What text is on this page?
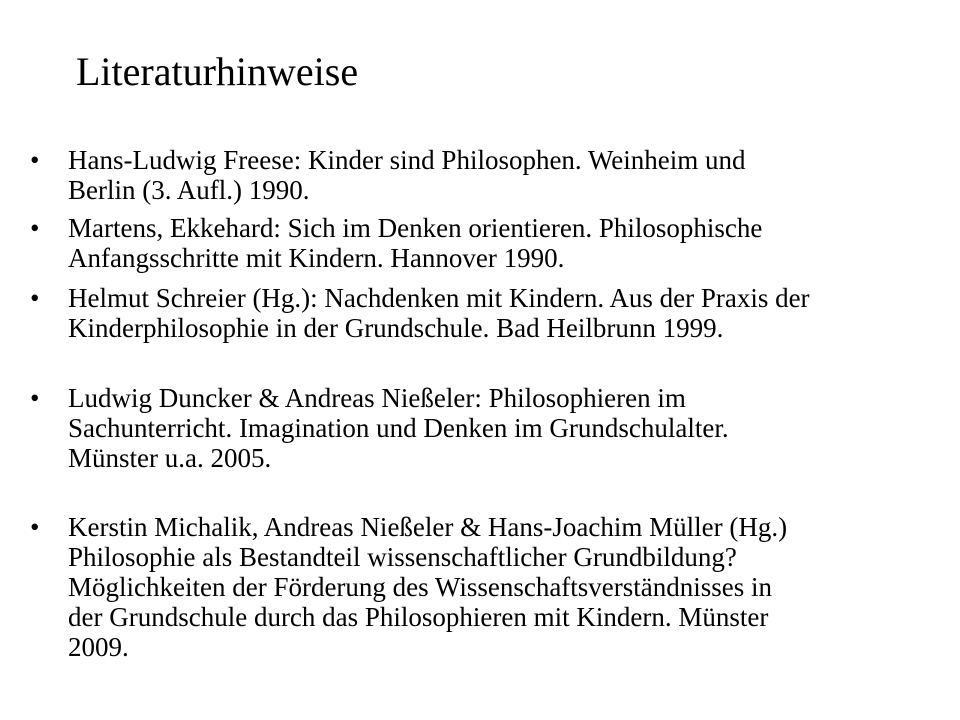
Literaturhinweise
•	Hans-Ludwig Freese: Kinder sind Philosophen. Weinheim und
Berlin (3. Aufl.) 1990.
•	Martens, Ekkehard: Sich im Denken orientieren. Philosophische
Anfangsschritte mit Kindern. Hannover 1990.
•	Helmut Schreier (Hg.): Nachdenken mit Kindern. Aus der Praxis der
Kinderphilosophie in der Grundschule. Bad Heilbrunn 1999.
•	Ludwig Duncker & Andreas Nießeler: Philosophieren im
Sachunterricht. Imagination und Denken im Grundschulalter.
Münster u.a. 2005.
•	Kerstin Michalik, Andreas Nießeler & Hans-Joachim Müller (Hg.)
Philosophie als Bestandteil wissenschaftlicher Grundbildung?
Möglichkeiten der Förderung des Wissenschaftsverständnisses in
der Grundschule durch das Philosophieren mit Kindern. Münster
2009.
